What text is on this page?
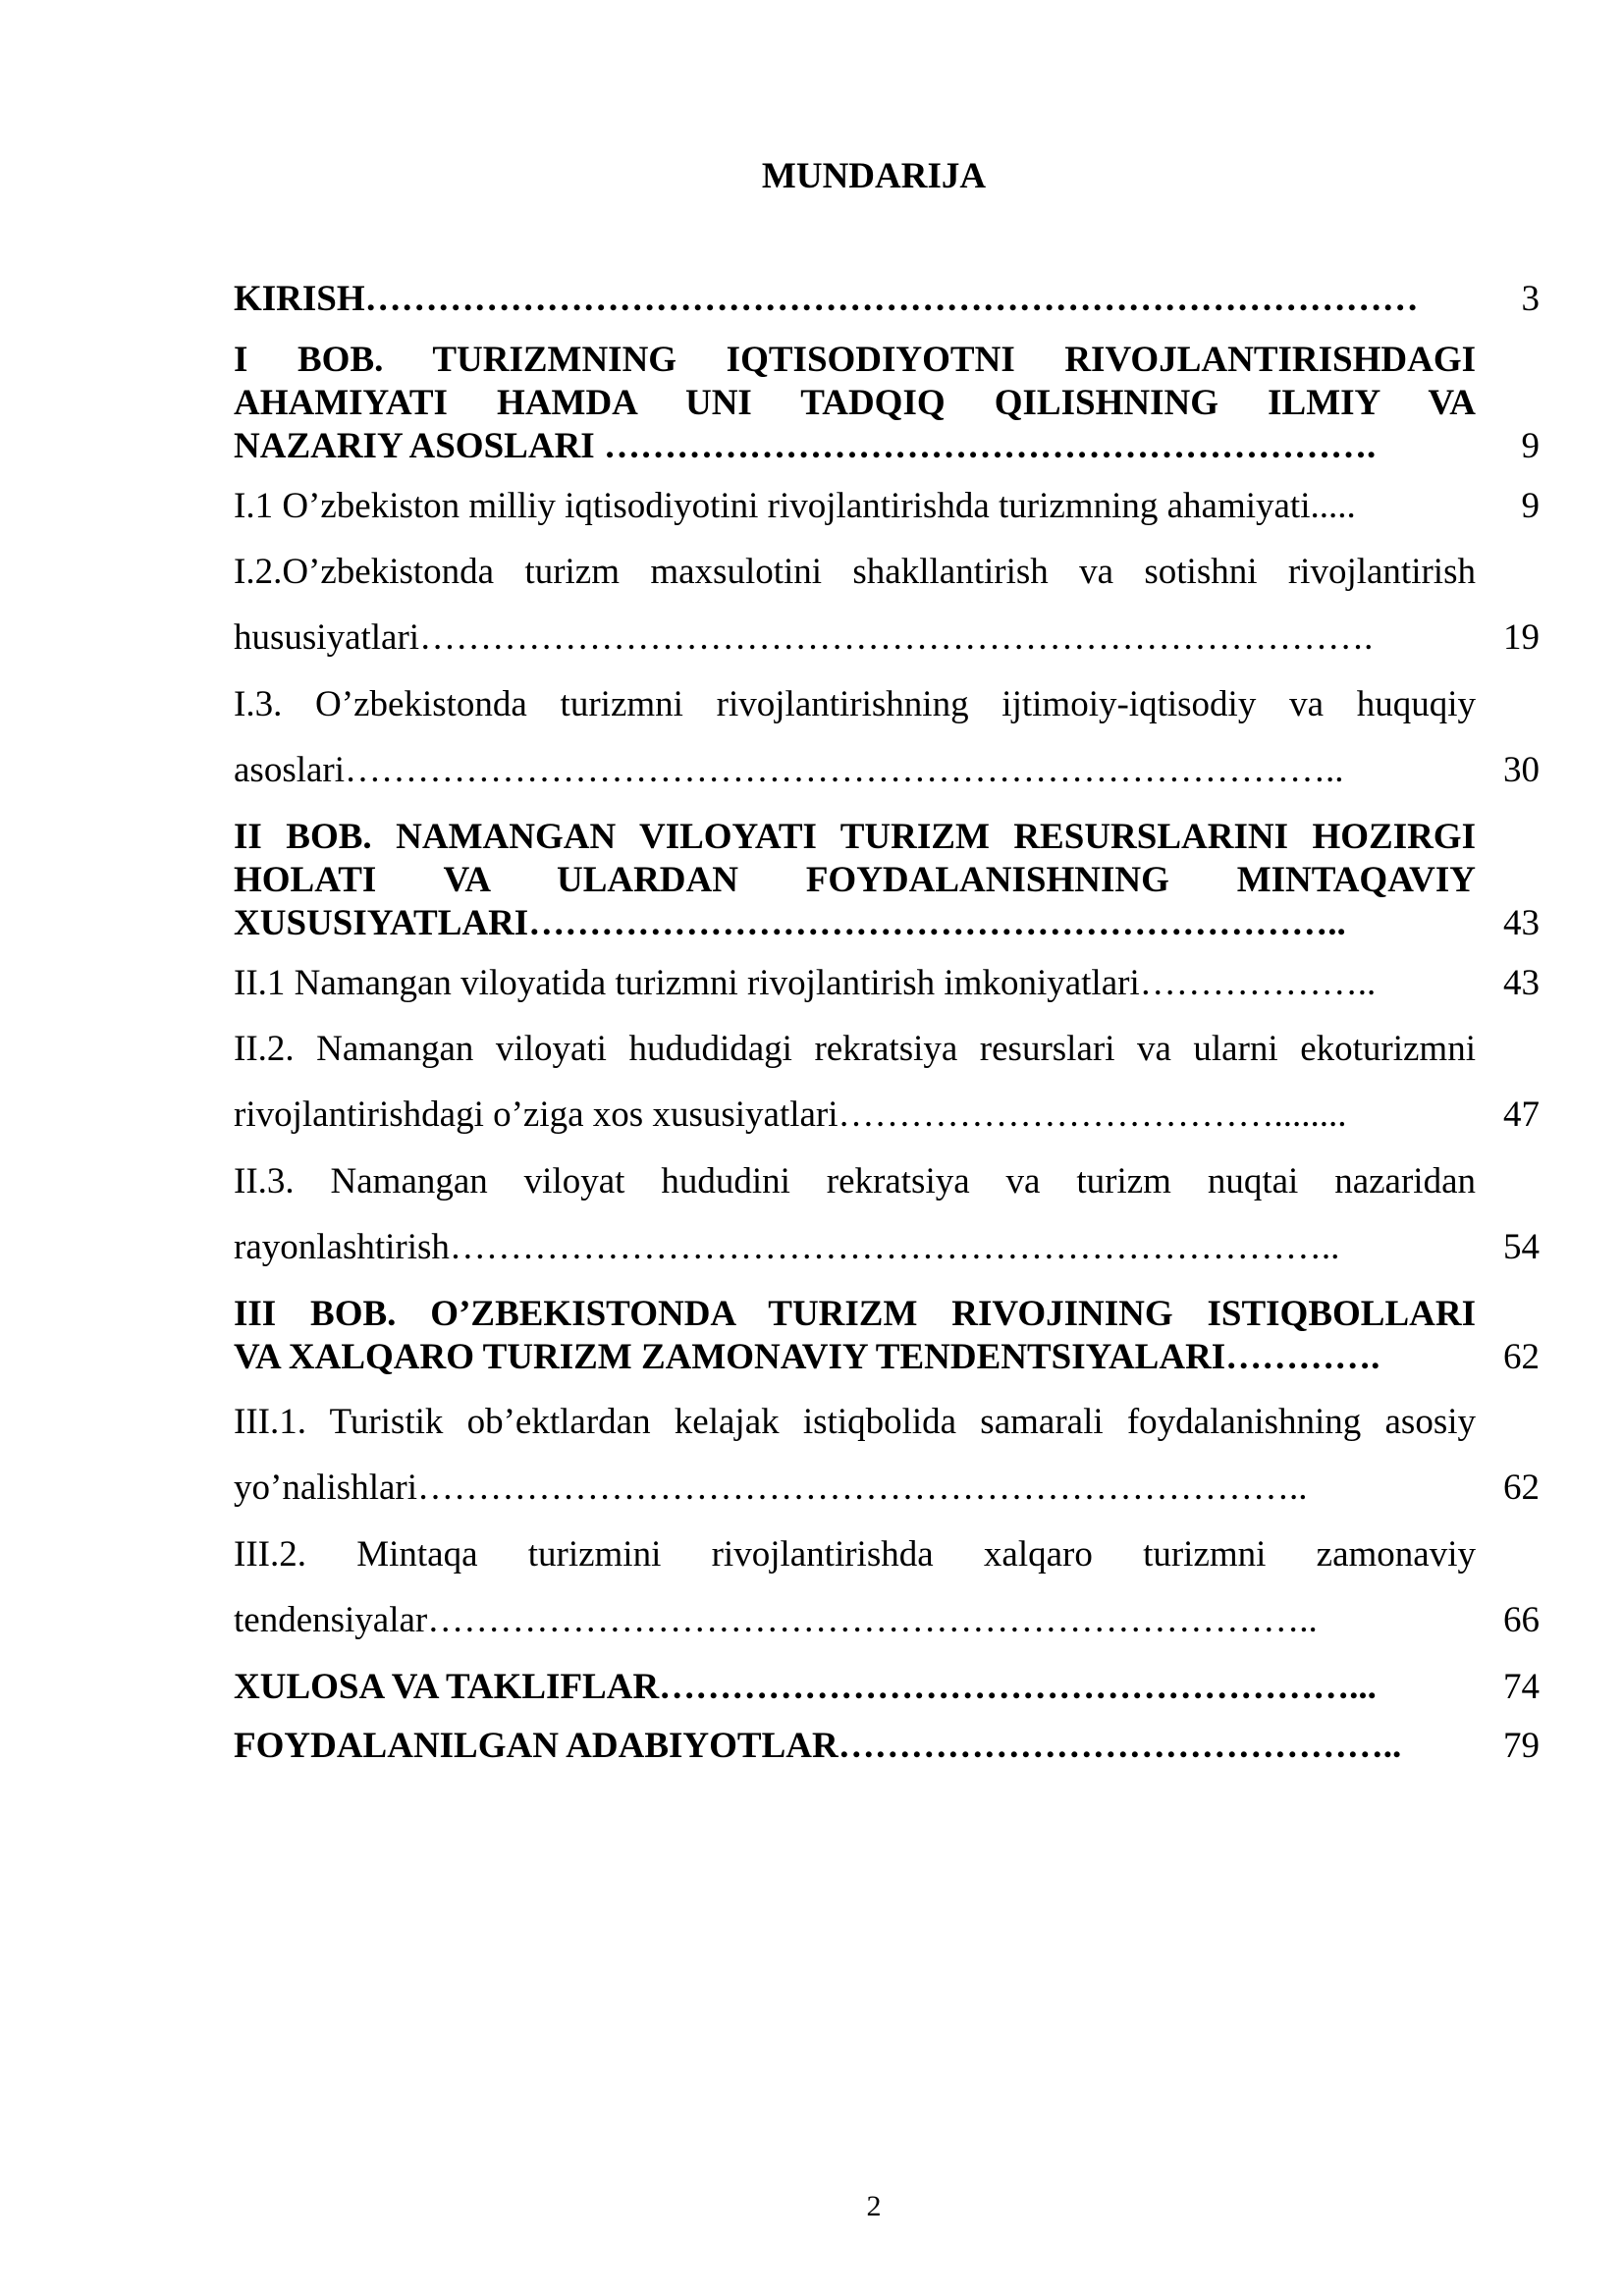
MUNDARIJA
KIRISH……………………………………………………………………………	3
I BOB. TURIZMNING IQTISODIYOTNI RIVOJLANTIRISHDAGI
AHAMIYATI HAMDA UNI TADQIQ QILISHNING ILMIY VA
NAZARIY ASOSLARI ……………………………………………………….	9
I.1 O’zbekiston milliy iqtisodiyotini rivojlantirishda turizmning ahamiyati.....	9
I.2.O’zbekistonda turizm maxsulotini shakllantirish va sotishni rivojlantirish
hususiyatlari…………………………………………………………………….	19
I.3. O’zbekistonda turizmni rivojlantirishning ijtimoiy-iqtisodiy va huquqiy
asoslari………………………………………………………………………..	30
II BOB. NAMANGAN VILOYATI TURIZM RESURSLARINI HOZIRGI
HOLATI VA ULARDAN FOYDALANISHNING MINTAQAVIY
XUSUSIYATLARI…………………………………………………………..	43
II.1 Namangan viloyatida turizmni rivojlantirish imkoniyatlari………………..	43
II.2. Namangan viloyati hududidagi rekratsiya resurslari va ularni ekoturizmni
rivojlantirishdagi o’ziga xos xususiyatlari………………………………........	47
II.3. Namangan viloyat hududini rekratsiya va turizm nuqtai nazaridan
rayonlashtirish………………………………………………………………..	54
III BOB. O’ZBEKISTONDA TURIZM RIVOJINING ISTIQBOLLARI
VA XALQARO TURIZM ZAMONAVIY TENDENTSIYALARI………….	62
III.1. Turistik ob’ektlardan kelajak istiqbolida samarali foydalanishning asosiy
yo’nalishlari………………………………………………………………..	62
III.2. Mintaqa turizmini rivojlantirishda xalqaro turizmni zamonaviy
tendensiyalar………………………………………………………………..	66
XULOSA VA TAKLIFLAR…………………………………………………...	74
FOYDALANILGAN ADABIYOTLAR………………………………………..	79
2
